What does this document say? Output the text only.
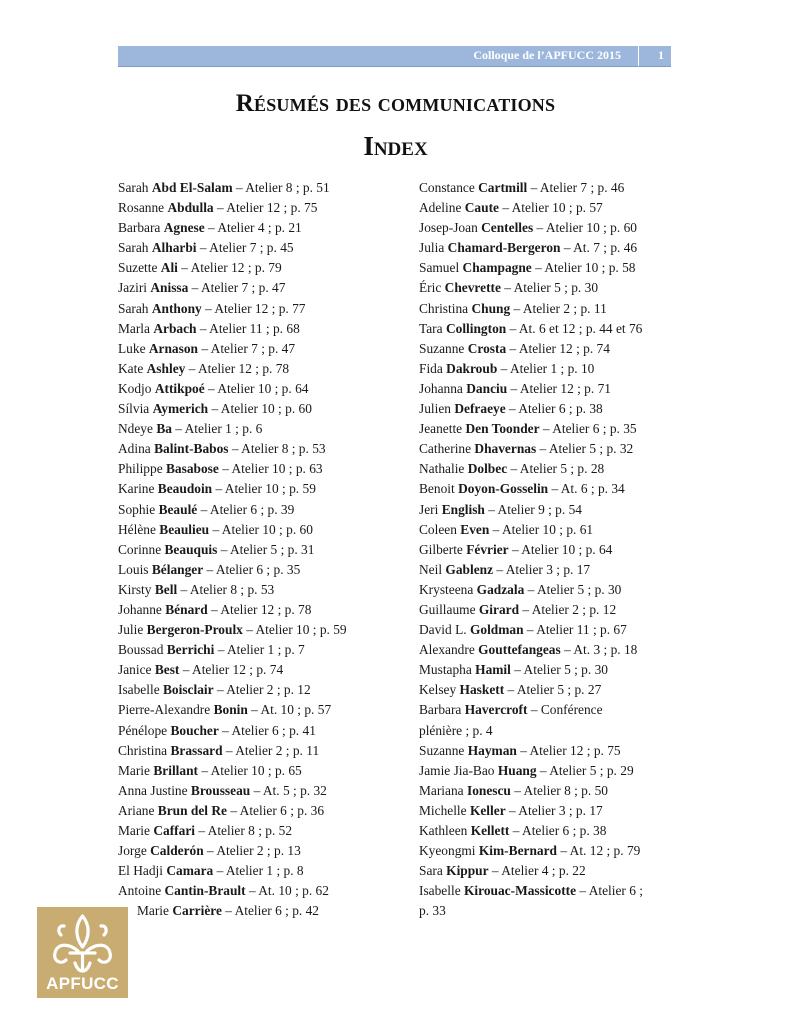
Colloque de l’APFUCC 2015	1
Résumés des communications
Index
Sarah Abd El-Salam – Atelier 8 ; p. 51
Rosanne Abdulla – Atelier 12 ; p. 75
Barbara Agnese – Atelier 4 ; p. 21
Sarah Alharbi – Atelier 7 ; p. 45
Suzette Ali – Atelier 12 ; p. 79
Jaziri Anissa – Atelier 7 ; p. 47
Sarah Anthony – Atelier 12 ; p. 77
Marla Arbach – Atelier 11 ; p. 68
Luke Arnason – Atelier 7 ; p. 47
Kate Ashley – Atelier 12 ; p. 78
Kodjo Attikpoé – Atelier 10 ; p. 64
Sílvia Aymerich – Atelier 10 ; p. 60
Ndeye Ba – Atelier 1 ; p. 6
Adina Balint-Babos – Atelier 8 ; p. 53
Philippe Basabose – Atelier 10 ; p. 63
Karine Beaudoin – Atelier 10 ; p. 59
Sophie Beaulé – Atelier 6 ; p. 39
Hélène Beaulieu – Atelier 10 ; p. 60
Corinne Beauquis – Atelier 5 ; p. 31
Louis Bélanger – Atelier 6 ; p. 35
Kirsty Bell – Atelier 8 ; p. 53
Johanne Bénard – Atelier 12 ; p. 78
Julie Bergeron-Proulx – Atelier 10 ; p. 59
Boussad Berrichi – Atelier 1 ; p. 7
Janice Best – Atelier 12 ; p. 74
Isabelle Boisclair – Atelier 2 ; p. 12
Pierre-Alexandre Bonin – At. 10 ; p. 57
Pénélope Boucher – Atelier 6 ; p. 41
Christina Brassard – Atelier 2 ; p. 11
Marie Brillant – Atelier 10 ; p. 65
Anna Justine Brousseau – At. 5 ; p. 32
Ariane Brun del Re – Atelier 6 ; p. 36
Marie Caffari – Atelier 8 ; p. 52
Jorge Calderón – Atelier 2 ; p. 13
El Hadji Camara – Atelier 1 ; p. 8
Antoine Cantin-Brault – At. 10 ; p. 62
Marie Carrière – Atelier 6 ; p. 42
Constance Cartmill – Atelier 7 ; p. 46
Adeline Caute – Atelier 10 ; p. 57
Josep-Joan Centelles – Atelier 10 ; p. 60
Julia Chamard-Bergeron – At. 7 ; p. 46
Samuel Champagne – Atelier 10 ; p. 58
Éric Chevrette – Atelier 5 ; p. 30
Christina Chung – Atelier 2 ; p. 11
Tara Collington – At. 6 et 12 ; p. 44 et 76
Suzanne Crosta – Atelier 12 ; p. 74
Fida Dakroub – Atelier 1 ; p. 10
Johanna Danciu – Atelier 12 ; p. 71
Julien Defraeye – Atelier 6 ; p. 38
Jeanette Den Toonder – Atelier 6 ; p. 35
Catherine Dhavernas – Atelier 5 ; p. 32
Nathalie Dolbec – Atelier 5 ; p. 28
Benoit Doyon-Gosselin – At. 6 ; p. 34
Jeri English – Atelier 9 ; p. 54
Coleen Even – Atelier 10 ; p. 61
Gilberte Février – Atelier 10 ; p. 64
Neil Gablenz – Atelier 3 ; p. 17
Krysteena Gadzala – Atelier 5 ; p. 30
Guillaume Girard – Atelier 2 ; p. 12
David L. Goldman – Atelier 11 ; p. 67
Alexandre Gouttefangeas – At. 3 ; p. 18
Mustapha Hamil – Atelier 5 ; p. 30
Kelsey Haskett – Atelier 5 ; p. 27
Barbara Havercroft – Conférence
plénière ; p. 4
Suzanne Hayman – Atelier 12 ; p. 75
Jamie Jia-Bao Huang – Atelier 5 ; p. 29
Mariana Ionescu – Atelier 8 ; p. 50
Michelle Keller – Atelier 3 ; p. 17
Kathleen Kellett – Atelier 6 ; p. 38
Kyeongmi Kim-Bernard – At. 12 ; p. 79
Sara Kippur – Atelier 4 ; p. 22
Isabelle Kirouac-Massicotte – Atelier 6 ;
p. 33
APFUCC
